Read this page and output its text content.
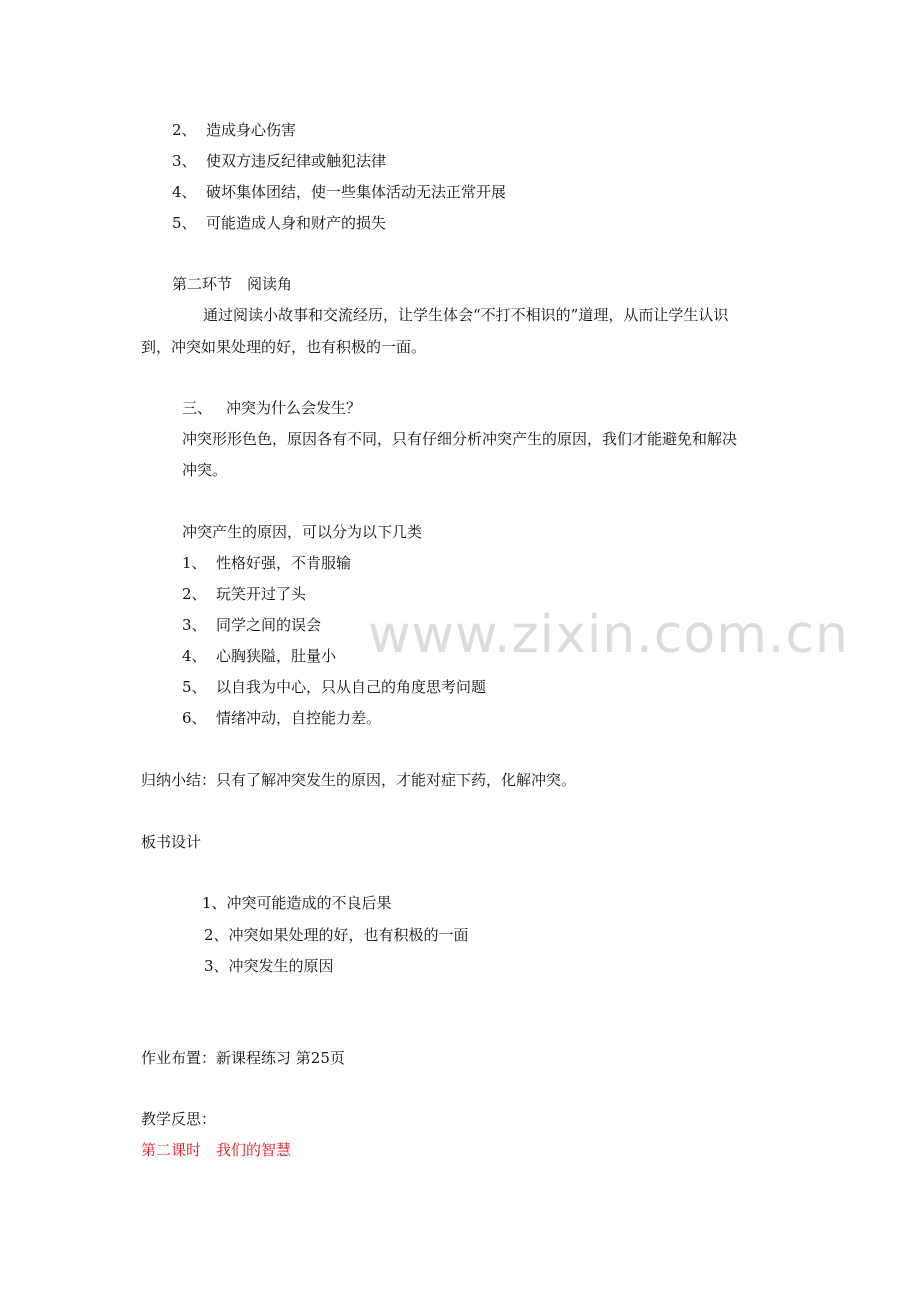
www.zixin.com.cn
2、 造成身心伤害
3、 使双方违反纪律或触犯法律
4、 破坏集体团结，使一些集体活动无法正常开展
5、 可能造成人身和财产的损失
第二环节　阅读角
通过阅读小故事和交流经历，让学生体会“不打不相识的”道理，从而让学生认识
到，冲突如果处理的好，也有积极的一面。
三、 冲突为什么会发生？
冲突形形色色，原因各有不同，只有仔细分析冲突产生的原因，我们才能避免和解决
冲突。
冲突产生的原因，可以分为以下几类
1、 性格好强，不肯服输
2、 玩笑开过了头
3、 同学之间的误会
4、 心胸狭隘，肚量小
5、 以自我为中心，只从自己的角度思考问题
6、 情绪冲动，自控能力差。
归纳小结：只有了解冲突发生的原因，才能对症下药，化解冲突。
板书设计
1、冲突可能造成的不良后果
2、冲突如果处理的好，也有积极的一面
3、冲突发生的原因
作业布置：新课程练习 第25页
教学反思：
第二课时　我们的智慧
